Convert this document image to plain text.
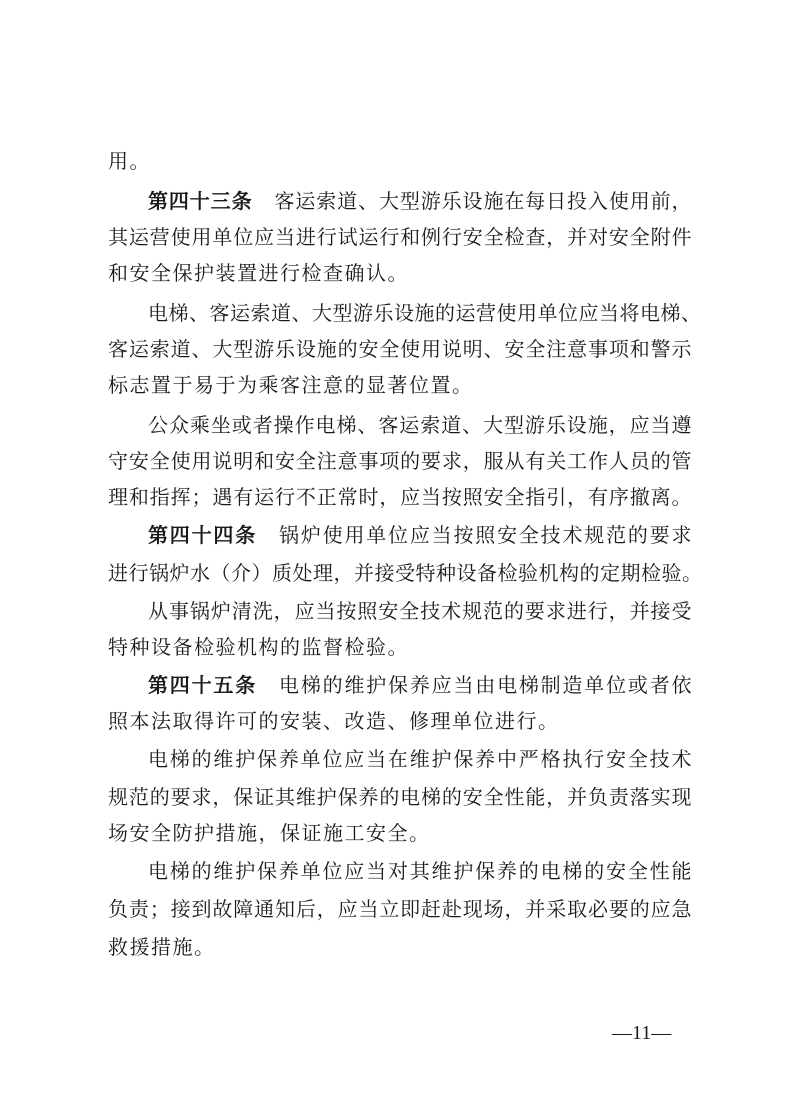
用。
第四十三条 客运索道、大型游乐设施在每日投入使用前，
其运营使用单位应当进行试运行和例行安全检查，并对安全附件
和安全保护装置进行检查确认。
电梯、客运索道、大型游乐设施的运营使用单位应当将电梯、
客运索道、大型游乐设施的安全使用说明、安全注意事项和警示
标志置于易于为乘客注意的显著位置。
公众乘坐或者操作电梯、客运索道、大型游乐设施，应当遵
守安全使用说明和安全注意事项的要求，服从有关工作人员的管
理和指挥；遇有运行不正常时，应当按照安全指引，有序撤离。
第四十四条 锅炉使用单位应当按照安全技术规范的要求
进行锅炉水（介）质处理，并接受特种设备检验机构的定期检验。
从事锅炉清洗，应当按照安全技术规范的要求进行，并接受
特种设备检验机构的监督检验。
第四十五条 电梯的维护保养应当由电梯制造单位或者依
照本法取得许可的安装、改造、修理单位进行。
电梯的维护保养单位应当在维护保养中严格执行安全技术
规范的要求，保证其维护保养的电梯的安全性能，并负责落实现
场安全防护措施，保证施工安全。
电梯的维护保养单位应当对其维护保养的电梯的安全性能
负责；接到故障通知后，应当立即赶赴现场，并采取必要的应急
救援措施。
—11—
